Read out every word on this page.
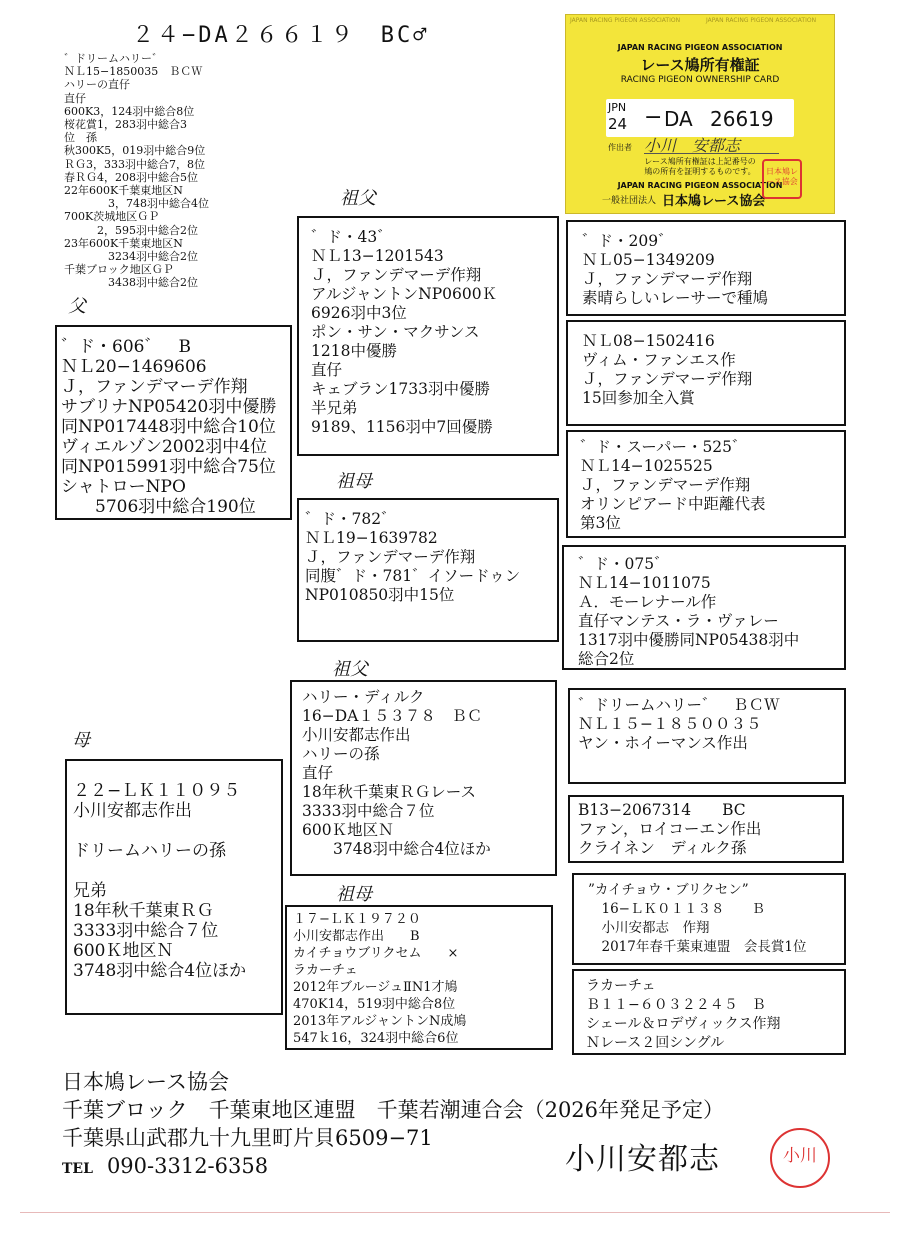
２４−DA２６６１９　BC♂
゛ドリームハリー゛
ＮＬ15−1850035　ＢＣＷ
ハリーの直仔
直仔
600K3，124羽中総合8位
桜花賞1，283羽中総合3
位　孫
秋300K5，019羽中総合9位
ＲＧ3，333羽中総合7，8位
春ＲＧ4，208羽中総合5位
22年600K千葉東地区N
　　　　3，748羽中総合4位
700K茨城地区ＧＰ
　　　2，595羽中総合2位
23年600K千葉東地区N
　　　　3234羽中総合2位
千葉ブロック地区ＧＰ
　　　　3438羽中総合2位
JAPAN RACING PIGEON ASSOCIATION	JAPAN RACING PIGEON ASSOCIATION
JAPAN RACING PIGEON ASSOCIATION
レース鳩所有権証
RACING PIGEON OWNERSHIP CARD
JPN
24 − DA 26619
作出者 小川　安都志
レース鳩所有権証は上記番号の
鳩の所有を証明するものです。
JAPAN RACING PIGEON ASSOCIATION
一般社団法人 日本鳩レース協会
日本鳩レース協会
祖父
父
祖母
祖父
母
祖母
゛ド・606゛　B
ＮＬ20−1469606
Ｊ，ファンデマーデ作翔
サブリナNP05420羽中優勝
同NP017448羽中総合10位
ヴィエルゾン2002羽中4位
同NP015991羽中総合75位
シャトローNPO
　　5706羽中総合190位
゛ド・43゛
ＮＬ13−1201543
Ｊ，ファンデマーデ作翔
アルジャントンNP0600Ｋ
6926羽中3位
ポン・サン・マクサンス
1218中優勝
直仔
キェブラン1733羽中優勝
半兄弟
9189、1156羽中7回優勝
゛ド・782゛
ＮＬ19−1639782
Ｊ，ファンデマーデ作翔
同腹゛ド・781゛イソードゥン
NP010850羽中15位
゛ド・209゛
ＮＬ05−1349209
Ｊ，ファンデマーデ作翔
素晴らしいレーサーで種鳩
ＮＬ08−1502416
ヴィム・ファンエス作
Ｊ，ファンデマーデ作翔
15回参加全入賞
゛ド・スーパー・525゛
ＮＬ14−1025525
Ｊ，ファンデマーデ作翔
オリンピアード中距離代表
第3位
゛ド・075゛
ＮＬ14−1011075
Ａ．モーレナール作
直仔マンテス・ラ・ヴァレー
1317羽中優勝同NP05438羽中
総合2位
２２−ＬＫ１１０９５
小川安都志作出

ドリームハリーの孫

兄弟
18年秋千葉東ＲＧ
3333羽中総合７位
600Ｋ地区Ｎ
3748羽中総合4位ほか
ハリー・ディルク
16−DA１５３７８　ＢＣ
小川安都志作出
ハリーの孫
直仔
18年秋千葉東ＲＧレース
3333羽中総合７位
600Ｋ地区Ｎ
　　3748羽中総合4位ほか
１７−ＬＫ１９７２０
小川安都志作出　　B
カイチョウブリクセム　　×
ラカーチェ
2012年ブルージュⅡN1才鳩
470K14，519羽中総合8位
2013年アルジャントンN成鳩
547ｋ16，324羽中総合6位
゛ドリームハリー゛　ＢＣＷ
ＮＬ１５−１８５００３５
ヤン・ホイーマンス作出
B13−2067314　　BC
ファン，ロイコーエン作出
クライネン　ディルク孫
”カイチョウ・ブリクセン”
　16−ＬＫ０１１３８　　Ｂ
　小川安都志　作翔
　2017年春千葉東連盟　会長賞1位
ラカーチェ
Ｂ１１−６０３２２４５　Ｂ
シェール＆ロデヴィックス作翔
Ｎレース２回シングル
日本鳩レース協会
千葉ブロック　千葉東地区連盟　千葉若潮連合会（2026年発足予定）
千葉県山武郡九十九里町片貝6509−71
TEL 090-3312-6358	小川安都志	小川
